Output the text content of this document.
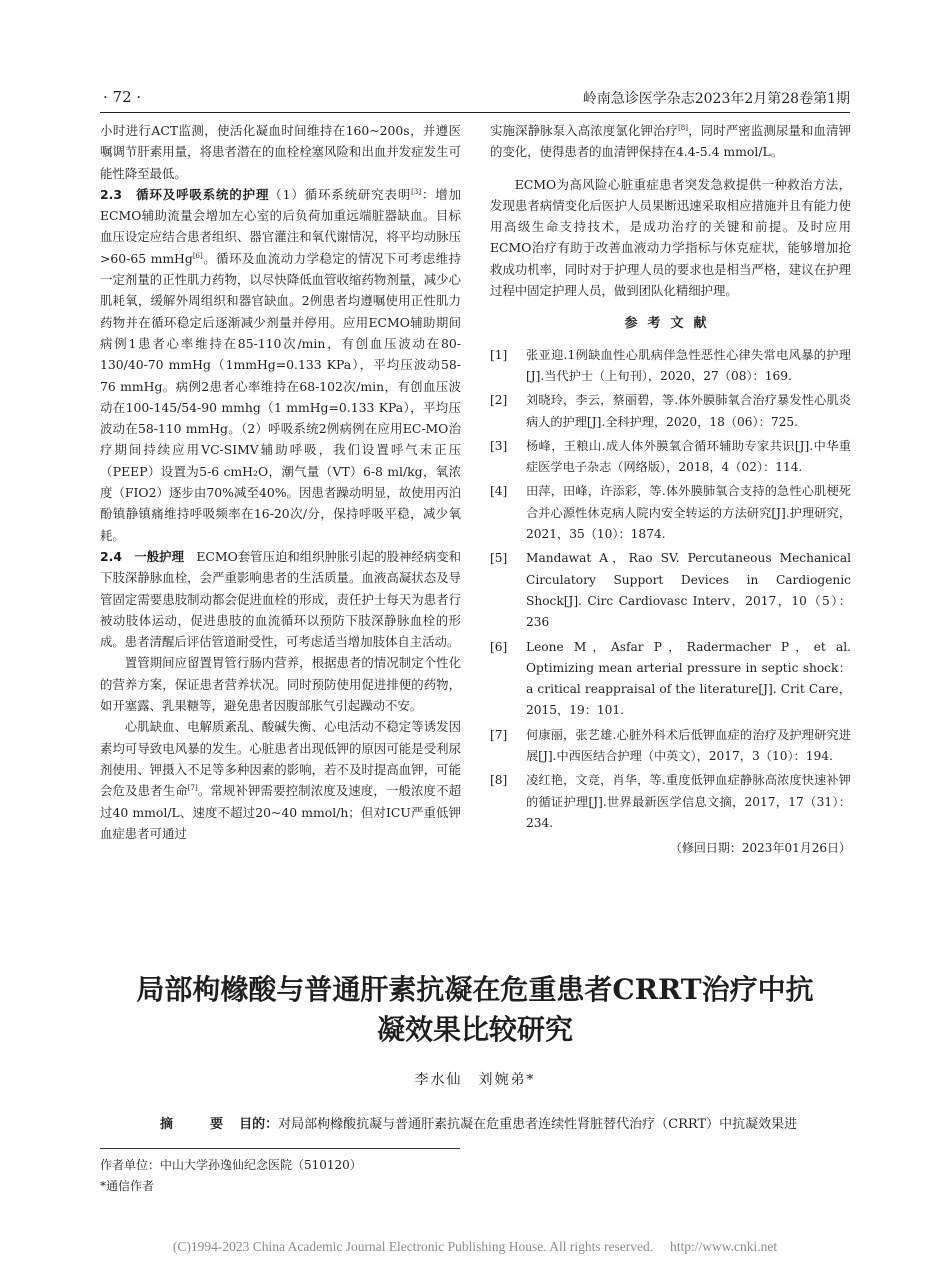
· 72 ·	岭南急诊医学杂志2023年2月第28卷第1期

小时进行ACT监测，使活化凝血时间维持在160~200s，并遵医嘱调节肝素用量，将患者潜在的血栓栓塞风险和出血并发症发生可能性降至最低。

2.3　循环及呼吸系统的护理（1）循环系统研究表明[3]：增加ECMO辅助流量会增加左心室的后负荷加重远端脏器缺血。目标血压设定应结合患者组织、器官灌注和氧代谢情况，将平均动脉压>60-65 mmHg[6]。循环及血流动力学稳定的情况下可考虑维持一定剂量的正性肌力药物，以尽快降低血管收缩药物剂量，减少心肌耗氧，缓解外周组织和器官缺血。2例患者均遵嘱使用正性肌力药物并在循环稳定后逐渐减少剂量并停用。应用ECMO辅助期间病例1患者心率维持在85-110次/min，有创血压波动在80-130/40-70 mmHg（1mmHg=0.133 KPa），平均压波动58-76 mmHg。病例2患者心率维持在68-102次/min，有创血压波动在100-145/54-90 mmhg（1 mmHg=0.133 KPa），平均压波动在58-110 mmHg。（2）呼吸系统2例病例在应用EC-MO治疗期间持续应用VC-SIMV辅助呼吸，我们设置呼气末正压（PEEP）设置为5-6 cmH₂O，潮气量（VT）6-8 ml/kg，氧浓度（FIO2）逐步由70%减至40%。因患者躁动明显，故使用丙泊酚镇静镇痛维持呼吸频率在16-20次/分，保持呼吸平稳，减少氧耗。

2.4　一般护理　ECMO套管压迫和组织肿胀引起的股神经病变和下肢深静脉血栓，会严重影响患者的生活质量。血液高凝状态及导管固定需要患肢制动都会促进血栓的形成，责任护士每天为患者行被动肢体运动，促进患肢的血流循环以预防下肢深静脉血栓的形成。患者清醒后评估管道耐受性，可考虑适当增加肢体自主活动。

置管期间应留置胃管行肠内营养，根据患者的情况制定个性化的营养方案，保证患者营养状况。同时预防使用促进排便的药物，如开塞露、乳果糖等，避免患者因腹部胀气引起躁动不安。

心肌缺血、电解质紊乱、酸碱失衡、心电活动不稳定等诱发因素均可导致电风暴的发生。心脏患者出现低钾的原因可能是受利尿剂使用、钾摄入不足等多种因素的影响，若不及时提高血钾，可能会危及患者生命[7]。常规补钾需要控制浓度及速度，一般浓度不超过40 mmol/L、速度不超过20~40 mmol/h；但对ICU严重低钾血症患者可通过

实施深静脉泵入高浓度氯化钾治疗[8]，同时严密监测尿量和血清钾的变化，使得患者的血清钾保持在4.4-5.4 mmol/L。

ECMO为高风险心脏重症患者突发急救提供一种救治方法，发现患者病情变化后医护人员果断迅速采取相应措施并且有能力使用高级生命支持技术，是成功治疗的关键和前提。及时应用ECMO治疗有助于改善血液动力学指标与休克症状，能够增加抢救成功机率，同时对于护理人员的要求也是相当严格，建议在护理过程中固定护理人员，做到团队化精细护理。

参考文献

[1]	张亚迎.1例缺血性心肌病伴急性恶性心律失常电风暴的护理[J].当代护士（上旬刊），2020，27（08）：169.
[2]	刘晓玲，李云，蔡丽碧，等.体外膜肺氧合治疗暴发性心肌炎病人的护理[J].全科护理，2020，18（06）：725.
[3]	杨峰，王粮山.成人体外膜氧合循环辅助专家共识[J].中华重症医学电子杂志（网络版），2018，4（02）：114.
[4]	田萍，田峰，许添彩，等.体外膜肺氧合支持的急性心肌梗死合并心源性休克病人院内安全转运的方法研究[J].护理研究，2021，35（10）：1874.
[5]	Mandawat A，Rao SV. Percutaneous Mechanical Circulatory Support Devices in Cardiogenic Shock[J]. Circ Cardiovasc Interv，2017，10（5）：236
[6]	Leone M，Asfar P，Radermacher P，et al. Optimizing mean arterial pressure in septic shock：a critical reappraisal of the literature[J]. Crit Care，2015，19：101.
[7]	何康丽，张艺雄.心脏外科术后低钾血症的治疗及护理研究进展[J].中西医结合护理（中英文），2017，3（10）：194.
[8]	凌红艳，文竞，肖华，等.重度低钾血症静脉高浓度快速补钾的循证护理[J].世界最新医学信息文摘，2017，17（31）：234.

（修回日期：2023年01月26日）

局部枸橼酸与普通肝素抗凝在危重患者CRRT治疗中抗
凝效果比较研究
李水仙　刘婉弟*
摘　要 目的：对局部枸橼酸抗凝与普通肝素抗凝在危重患者连续性肾脏替代治疗（CRRT）中抗凝效果进
作者单位：中山大学孙逸仙纪念医院（510120）
*通信作者
(C)1994-2023 China Academic Journal Electronic Publishing House. All rights reserved.　 http://www.cnki.net
